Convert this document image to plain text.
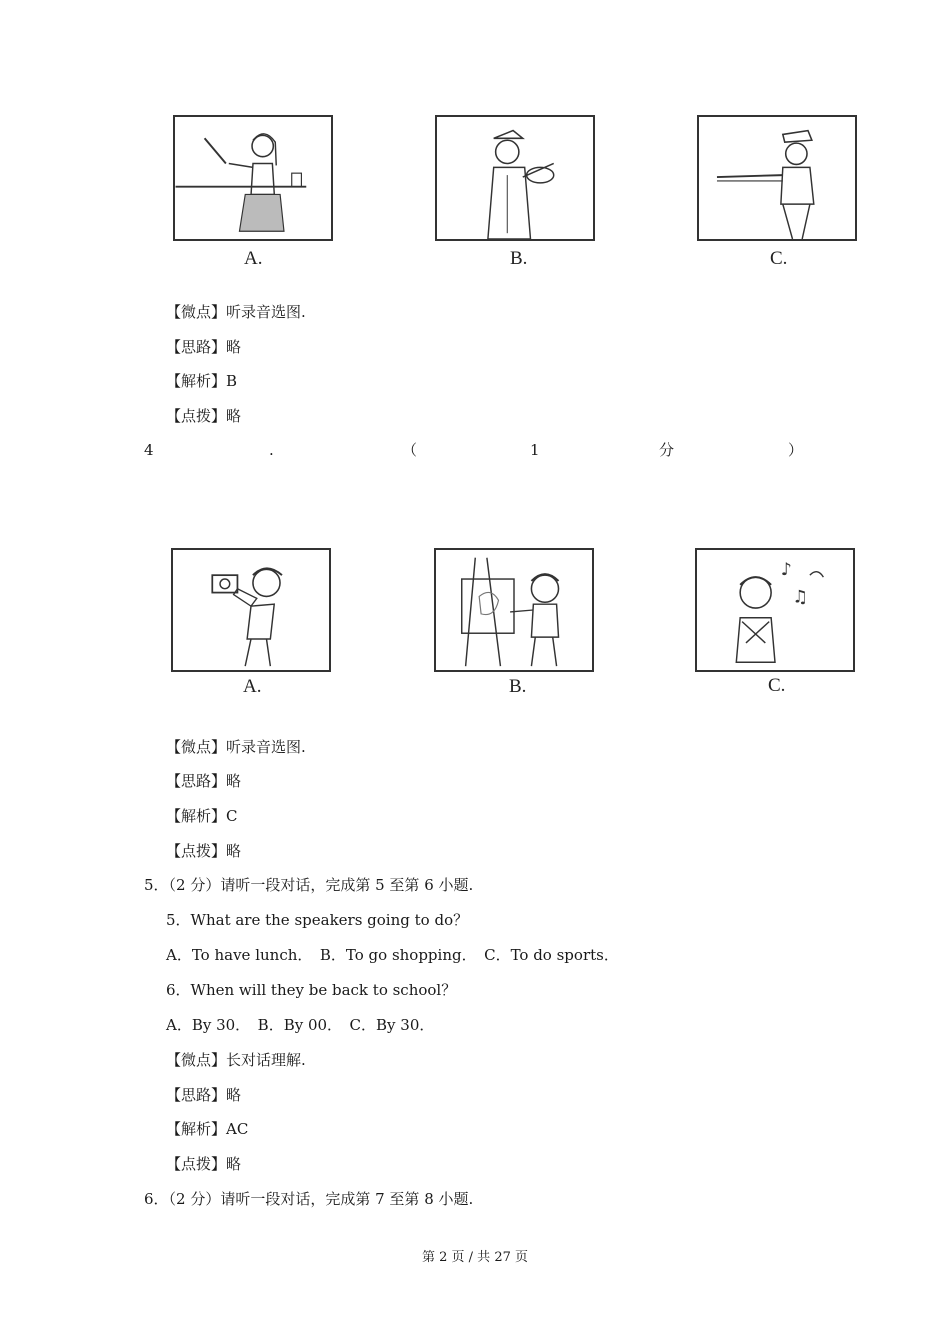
A.	B.	C.
【微点】听录音选图.
【思路】略
【解析】B
【点拨】略
4	.	（	1	分	）
♪
♫
A.	B.	C.
【微点】听录音选图.
【思路】略
【解析】C
【点拨】略
5．（2 分）请听一段对话，完成第 5 至第 6 小题.
5．What are the speakers going to do？
A．To have lunch．　B．To go shopping．　C．To do sports．
6．When will they be back to school？
A．By 30．　B．By 00．　C．By 30．
【微点】长对话理解.
【思路】略
【解析】AC
【点拨】略
6．（2 分）请听一段对话，完成第 7 至第 8 小题.
第 2 页 / 共 27 页
